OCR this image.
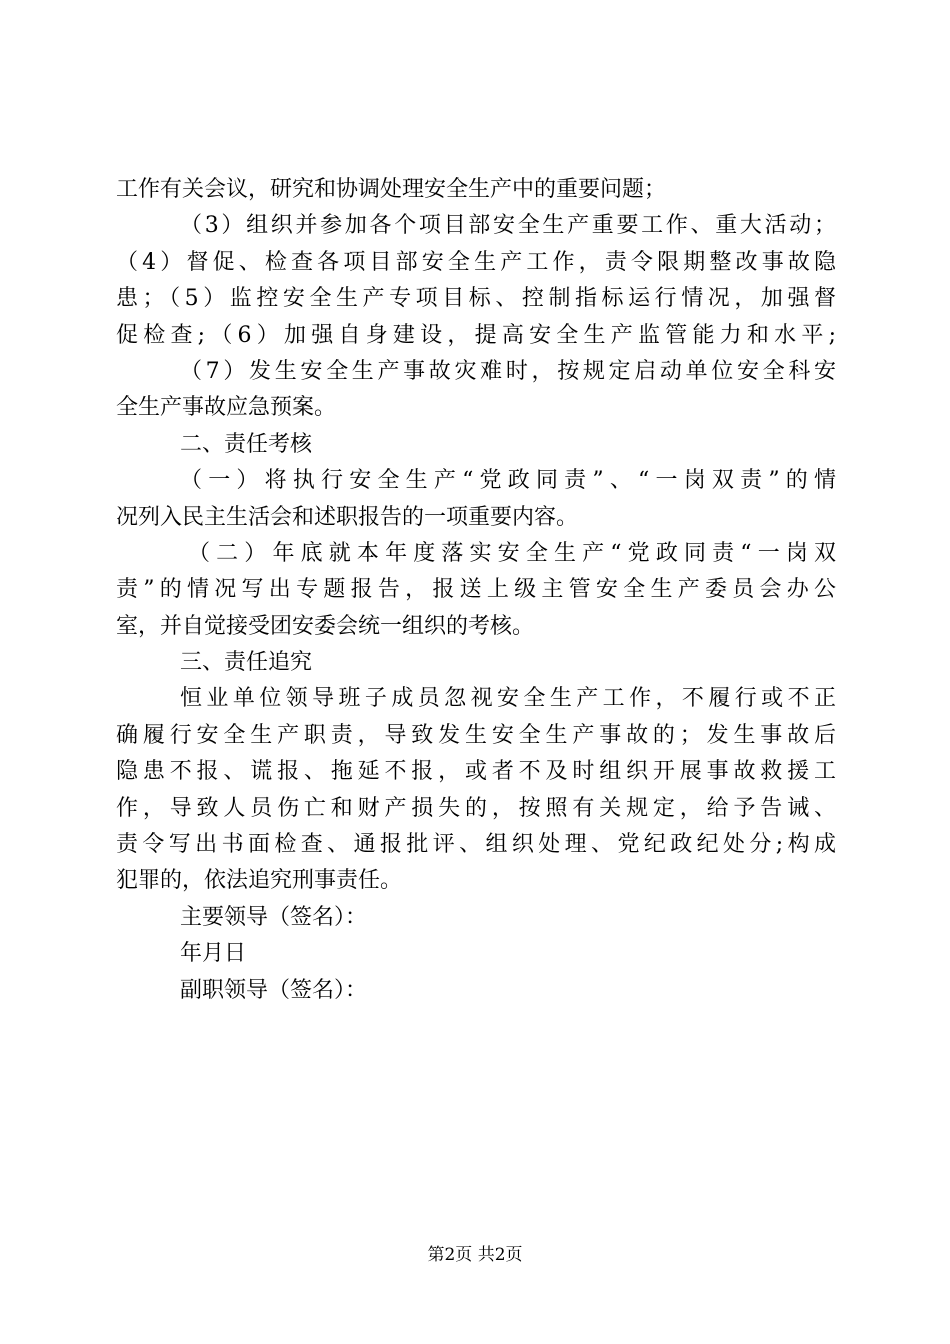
工作有关会议，研究和协调处理安全生产中的重要问题；
（3）组织并参加各个项目部安全生产重要工作、重大活动；
（4）督促、检查各项目部安全生产工作，责令限期整改事故隐
患；（5）监控安全生产专项目标、控制指标运行情况，加强督
促检查;（6）加强自身建设，提高安全生产监管能力和水平;
（7）发生安全生产事故灾难时，按规定启动单位安全科安
全生产事故应急预案。
二、责任考核
（一）将执行安全生产“党政同责”、“一岗双责”的情
况列入民主生活会和述职报告的一项重要内容。
（二）年底就本年度落实安全生产“党政同责“一岗双
责”的情况写出专题报告，报送上级主管安全生产委员会办公
室，并自觉接受团安委会统一组织的考核。
三、责任追究
恒业单位领导班子成员忽视安全生产工作，不履行或不正
确履行安全生产职责，导致发生安全生产事故的；发生事故后
隐患不报、谎报、拖延不报，或者不及时组织开展事故救援工
作，导致人员伤亡和财产损失的，按照有关规定，给予告诫、
责令写出书面检查、通报批评、组织处理、党纪政纪处分;构成
犯罪的，依法追究刑事责任。
主要领导（签名）：
年月日
副职领导（签名）：
第2页 共2页
